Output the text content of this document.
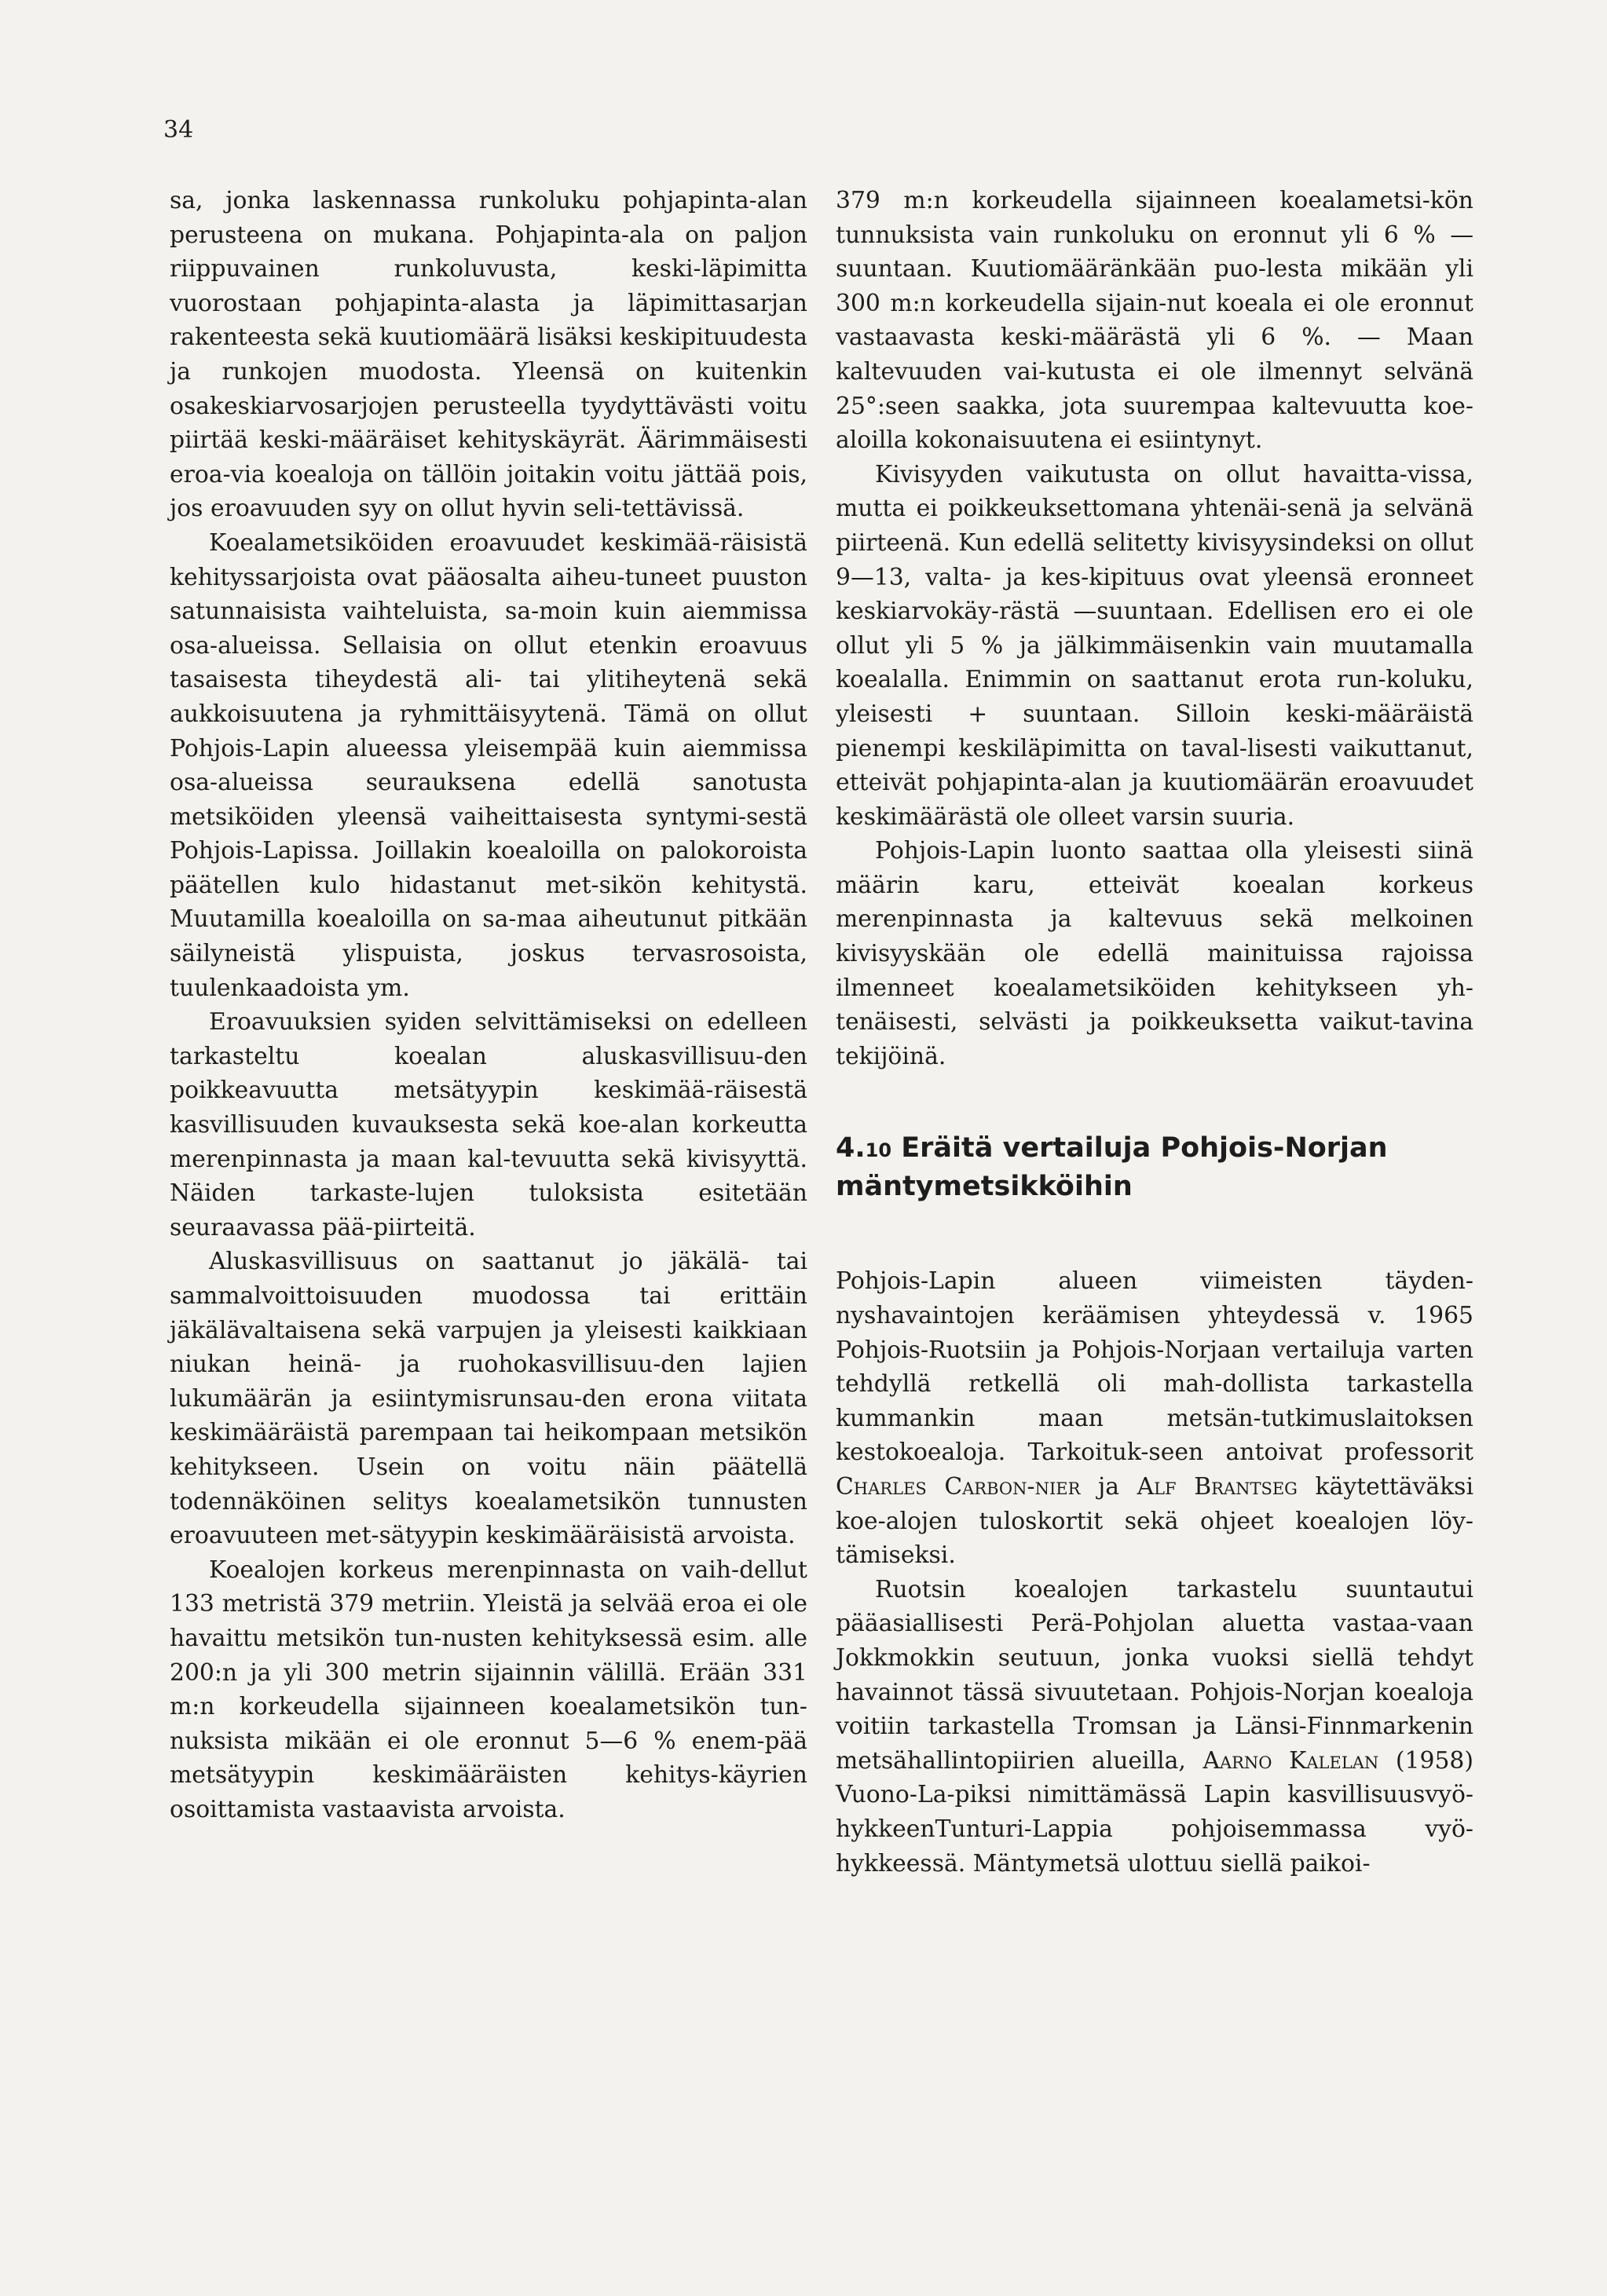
34

sa, jonka laskennassa runkoluku pohjapinta-alan perusteena on mukana. Pohjapinta-ala on paljon riippuvainen runkoluvusta, keski-läpimitta vuorostaan pohjapinta-alasta ja läpimittasarjan rakenteesta sekä kuutiomäärä lisäksi keskipituudesta ja runkojen muodosta. Yleensä on kuitenkin osakeskiarvosarjojen perusteella tyydyttävästi voitu piirtää keski-määräiset kehityskäyrät. Äärimmäisesti eroa-via koealoja on tällöin joitakin voitu jättää pois, jos eroavuuden syy on ollut hyvin seli-tettävissä.

Koealametsiköiden eroavuudet keskimää-räisistä kehityssarjoista ovat pääosalta aiheu-tuneet puuston satunnaisista vaihteluista, sa-moin kuin aiemmissa osa-alueissa. Sellaisia on ollut etenkin eroavuus tasaisesta tiheydestä ali- tai ylitiheytenä sekä aukkoisuutena ja ryhmittäisyytenä. Tämä on ollut Pohjois-Lapin alueessa yleisempää kuin aiemmissa osa-alueissa seurauksena edellä sanotusta metsiköiden yleensä vaiheittaisesta syntymi-sestä Pohjois-Lapissa. Joillakin koealoilla on palokoroista päätellen kulo hidastanut met-sikön kehitystä. Muutamilla koealoilla on sa-maa aiheutunut pitkään säilyneistä ylispuista, joskus tervasrosoista, tuulenkaadoista ym.

Eroavuuksien syiden selvittämiseksi on edelleen tarkasteltu koealan aluskasvillisuu-den poikkeavuutta metsätyypin keskimää-räisestä kasvillisuuden kuvauksesta sekä koe-alan korkeutta merenpinnasta ja maan kal-tevuutta sekä kivisyyttä. Näiden tarkaste-lujen tuloksista esitetään seuraavassa pää-piirteitä.

Aluskasvillisuus on saattanut jo jäkälä- tai sammalvoittoisuuden muodossa tai erittäin jäkälävaltaisena sekä varpujen ja yleisesti kaikkiaan niukan heinä- ja ruohokasvillisuu-den lajien lukumäärän ja esiintymisrunsau-den erona viitata keskimääräistä parempaan tai heikompaan metsikön kehitykseen. Usein on voitu näin päätellä todennäköinen selitys koealametsikön tunnusten eroavuuteen met-sätyypin keskimääräisistä arvoista.

Koealojen korkeus merenpinnasta on vaih-dellut 133 metristä 379 metriin. Yleistä ja selvää eroa ei ole havaittu metsikön tun-nusten kehityksessä esim. alle 200:n ja yli 300 metrin sijainnin välillä. Erään 331 m:n korkeudella sijainneen koealametsikön tun-nuksista mikään ei ole eronnut 5—6 % enem-pää metsätyypin keskimääräisten kehitys-käyrien osoittamista vastaavista arvoista.

379 m:n korkeudella sijainneen koealametsi-kön tunnuksista vain runkoluku on eronnut yli 6 % —suuntaan. Kuutiomääränkään puo-lesta mikään yli 300 m:n korkeudella sijain-nut koeala ei ole eronnut vastaavasta keski-määrästä yli 6 %. — Maan kaltevuuden vai-kutusta ei ole ilmennyt selvänä 25°:seen saakka, jota suurempaa kaltevuutta koe-aloilla kokonaisuutena ei esiintynyt.

Kivisyyden vaikutusta on ollut havaitta-vissa, mutta ei poikkeuksettomana yhtenäi-senä ja selvänä piirteenä. Kun edellä selitetty kivisyysindeksi on ollut 9—13, valta- ja kes-kipituus ovat yleensä eronneet keskiarvokäy-rästä —suuntaan. Edellisen ero ei ole ollut yli 5 % ja jälkimmäisenkin vain muutamalla koealalla. Enimmin on saattanut erota run-koluku, yleisesti + suuntaan. Silloin keski-määräistä pienempi keskiläpimitta on taval-lisesti vaikuttanut, etteivät pohjapinta-alan ja kuutiomäärän eroavuudet keskimäärästä ole olleet varsin suuria.

Pohjois-Lapin luonto saattaa olla yleisesti siinä määrin karu, etteivät koealan korkeus merenpinnasta ja kaltevuus sekä melkoinen kivisyyskään ole edellä mainituissa rajoissa ilmenneet koealametsiköiden kehitykseen yh-tenäisesti, selvästi ja poikkeuksetta vaikut-tavina tekijöinä.

4.10 Eräitä vertailuja Pohjois-Norjan mäntymetsikköihin

Pohjois-Lapin alueen viimeisten täyden-nyshavaintojen keräämisen yhteydessä v. 1965 Pohjois-Ruotsiin ja Pohjois-Norjaan vertailuja varten tehdyllä retkellä oli mah-dollista tarkastella kummankin maan metsän-tutkimuslaitoksen kestokoealoja. Tarkoituk-seen antoivat professorit Charles Carbon-nier ja Alf Brantseg käytettäväksi koe-alojen tuloskortit sekä ohjeet koealojen löy-tämiseksi.

Ruotsin koealojen tarkastelu suuntautui pääasiallisesti Perä-Pohjolan aluetta vastaa-vaan Jokkmokkin seutuun, jonka vuoksi siellä tehdyt havainnot tässä sivuutetaan. Pohjois-Norjan koealoja voitiin tarkastella Tromsan ja Länsi-Finnmarkenin metsähallintopiirien alueilla, Aarno Kalelan (1958) Vuono-La-piksi nimittämässä Lapin kasvillisuusvyö-hykkeenTunturi-Lappia pohjoisemmassa vyö-hykkeessä. Mäntymetsä ulottuu siellä paikoi-
